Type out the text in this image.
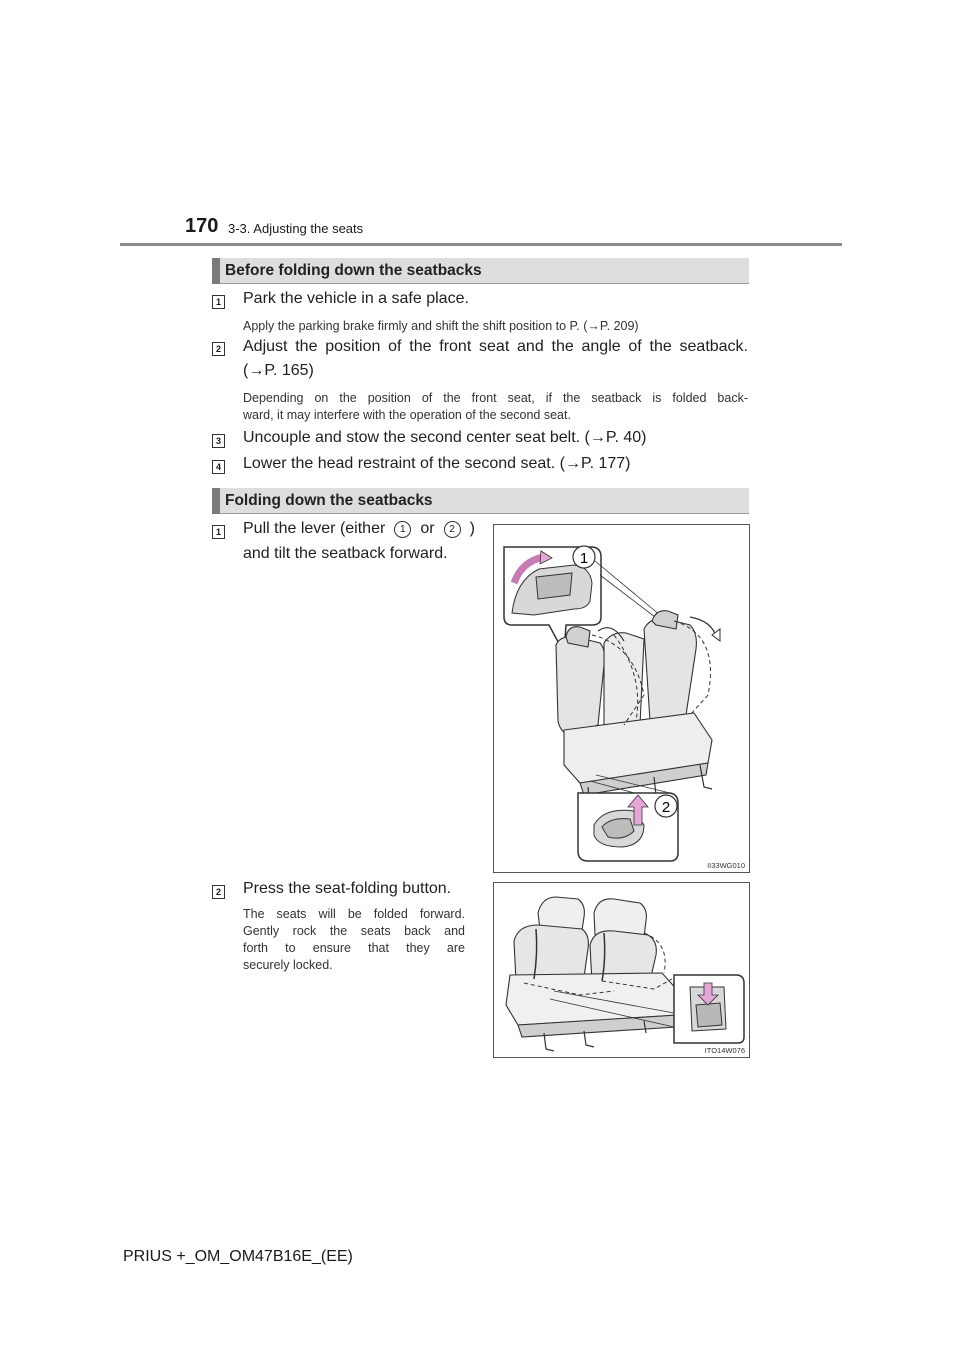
170 3-3. Adjusting the seats
Before folding down the seatbacks
1 Park the vehicle in a safe place.
Apply the parking brake firmly and shift the shift position to P. (→P. 209)
2 Adjust the position of the front seat and the angle of the seatback.
(→P. 165)
Depending on the position of the front seat, if the seatback is folded back-
ward, it may interfere with the operation of the second seat.
3 Uncouple and stow the second center seat belt. (→P. 40)
4 Lower the head restraint of the second seat. (→P. 177)
Folding down the seatbacks
1 Pull the lever (either	1 or	2 )
and tilt the seatback forward.	1
2
II33WG010
2 Press the seat-folding button.
The seats will be folded forward.
Gently rock the seats back and
forth to ensure that they are
securely locked.
ITO14W076
PRIUS +_OM_OM47B16E_(EE)
